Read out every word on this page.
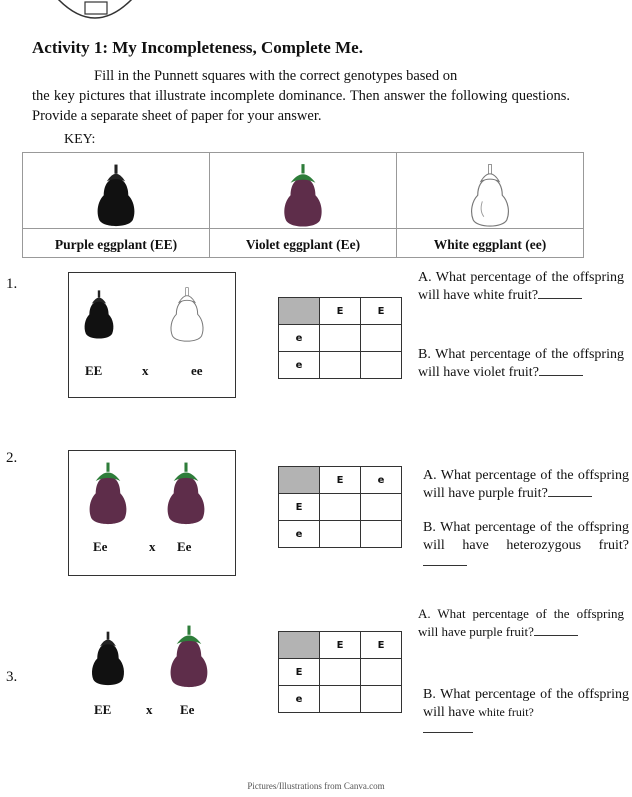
Activity 1: My Incompleteness, Complete Me.
Fill in the Punnett squares with the correct genotypes based on
the key pictures that illustrate incomplete dominance. Then answer the following questions. Provide a separate sheet of paper for your answer.
KEY:
Purple eggplant (EE)	Violet eggplant (Ee)	White eggplant (ee)
1.
EE	x	ee
	E	E
e		
e		
A. What percentage of the offspring will have white fruit?
B. What percentage of the offspring will have violet fruit?
2.
Ee	x Ee
	E	e
E		
e		
A. What percentage of the offspring will have purple fruit?
B. What percentage of the offspring will have heterozygous fruit?
3.
EE	x Ee
	E	E
E		
e		
A. What percentage of the offspring will have purple fruit?
B. What percentage of the offspring will have white fruit?

Pictures/Illustrations from Canva.com
